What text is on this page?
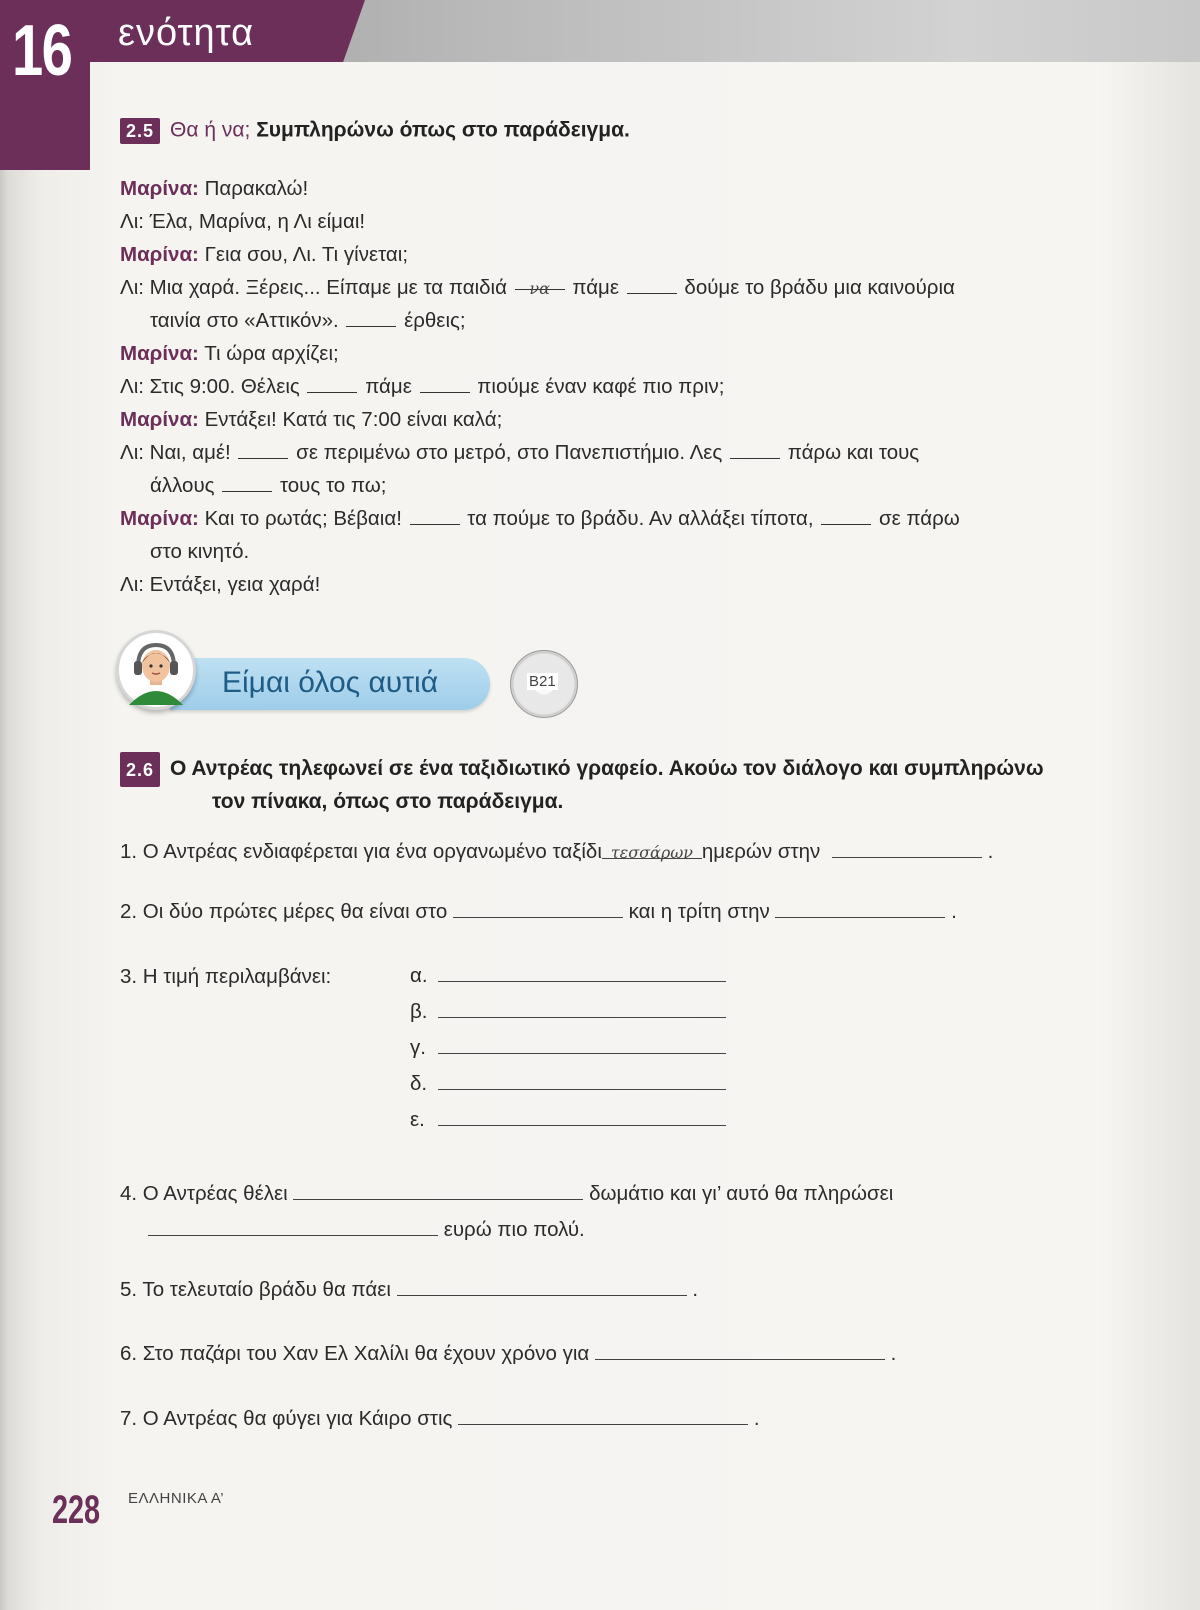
16 ενότητα
2.5 Θα ή να; Συμπληρώνω όπως στο παράδειγμα.
Μαρίνα: Παρακαλώ!
Λι: Έλα, Μαρίνα, η Λι είμαι!
Μαρίνα: Γεια σου, Λι. Τι γίνεται;
Λι: Μια χαρά. Ξέρεις... Είπαμε με τα παιδιά να πάμε	δούμε το βράδυ μια καινούρια
ταινία στο «Αττικόν».	έρθεις;
Μαρίνα: Τι ώρα αρχίζει;
Λι: Στις 9:00. Θέλεις	πάμε	πιούμε έναν καφέ πιο πριν;
Μαρίνα: Εντάξει! Κατά τις 7:00 είναι καλά;
Λι: Ναι, αμέ!	σε περιμένω στο μετρό, στο Πανεπιστήμιο. Λες	πάρω και τους
άλλους	τους το πω;
Μαρίνα: Και το ρωτάς; Βέβαια!	τα πούμε το βράδυ. Αν αλλάξει τίποτα,	σε πάρω
στο κινητό.
Λι: Εντάξει, γεια χαρά!
Είμαι όλος αυτιά	B21
2.6 Ο Αντρέας τηλεφωνεί σε ένα ταξιδιωτικό γραφείο. Ακούω τον διάλογο και συμπληρώνω
τον πίνακα, όπως στο παράδειγμα.
1. Ο Αντρέας ενδιαφέρεται για ένα οργανωμένο ταξίδι τεσσάρων ημερών στην	.
2. Οι δύο πρώτες μέρες θα είναι στο	και η τρίτη στην	.
3. Η τιμή περιλαμβάνει:	α.
β.
γ.
δ.
ε.
4. Ο Αντρέας θέλει	δωμάτιο και γι’ αυτό θα πληρώσει
ευρώ πιο πολύ.
5. Το τελευταίο βράδυ θα πάει	.
6. Στο παζάρι του Χαν Ελ Χαλίλι θα έχουν χρόνο για	.
7. Ο Αντρέας θα φύγει για Κάιρο στις	.
228 ΕΛΛΗΝΙΚΑ Α’
